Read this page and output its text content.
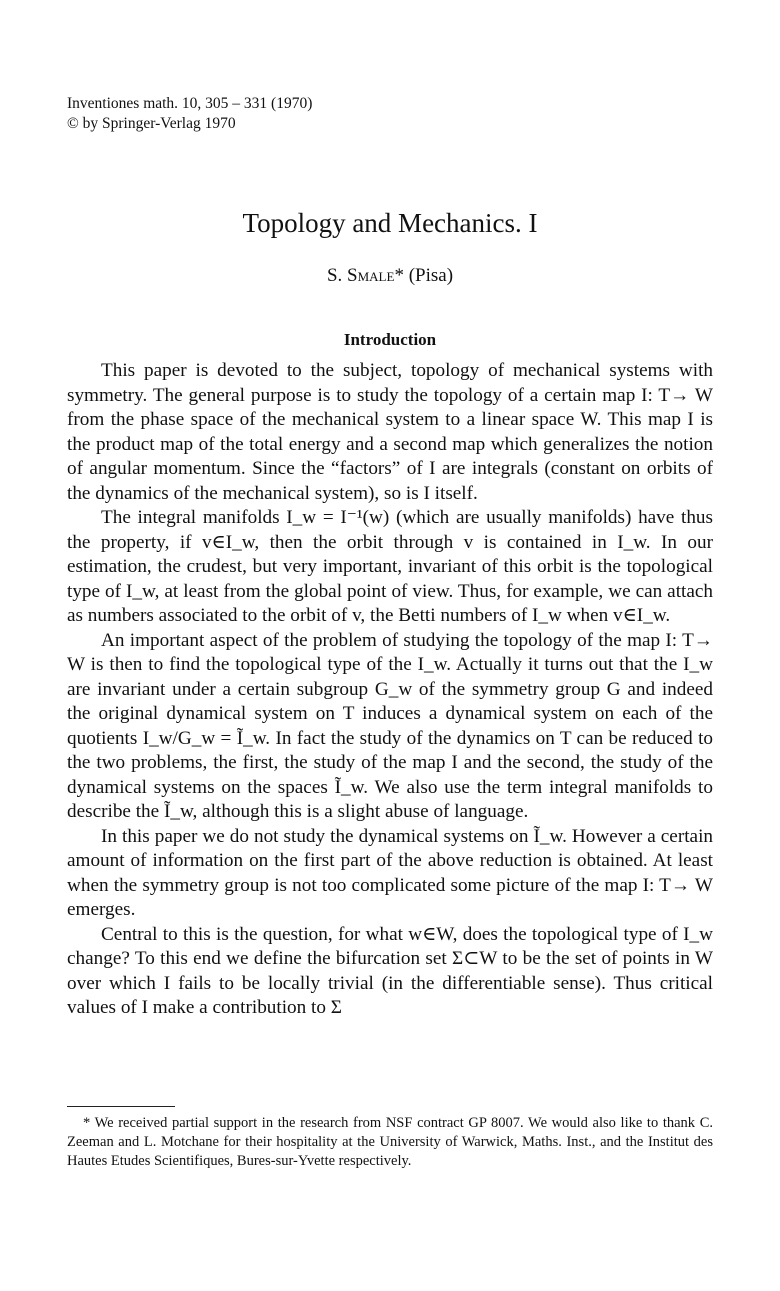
Inventiones math. 10, 305 – 331 (1970)
© by Springer-Verlag 1970
Topology and Mechanics. I
S. Smale* (Pisa)
Introduction

This paper is devoted to the subject, topology of mechanical systems with symmetry. The general purpose is to study the topology of a certain map I: T→ W from the phase space of the mechanical system to a linear space W. This map I is the product map of the total energy and a second map which generalizes the notion of angular momentum. Since the “factors” of I are integrals (constant on orbits of the dynamics of the mechanical system), so is I itself.

The integral manifolds I_w = I⁻¹(w) (which are usually manifolds) have thus the property, if v∈I_w, then the orbit through v is contained in I_w. In our estimation, the crudest, but very important, invariant of this orbit is the topological type of I_w, at least from the global point of view. Thus, for example, we can attach as numbers associated to the orbit of v, the Betti numbers of I_w when v∈I_w.

An important aspect of the problem of studying the topology of the map I: T→ W is then to find the topological type of the I_w. Actually it turns out that the I_w are invariant under a certain subgroup G_w of the symmetry group G and indeed the original dynamical system on T induces a dynamical system on each of the quotients I_w/G_w = Ĩ_w. In fact the study of the dynamics on T can be reduced to the two problems, the first, the study of the map I and the second, the study of the dynamical systems on the spaces Ĩ_w. We also use the term integral manifolds to describe the Ĩ_w, although this is a slight abuse of language.

In this paper we do not study the dynamical systems on Ĩ_w. However a certain amount of information on the first part of the above reduction is obtained. At least when the symmetry group is not too complicated some picture of the map I: T→ W emerges.

Central to this is the question, for what w∈W, does the topological type of I_w change? To this end we define the bifurcation set Σ⊂W to be the set of points in W over which I fails to be locally trivial (in the differentiable sense). Thus critical values of I make a contribution to Σ

* We received partial support in the research from NSF contract GP 8007. We would also like to thank C. Zeeman and L. Motchane for their hospitality at the University of Warwick, Maths. Inst., and the Institut des Hautes Etudes Scientifiques, Bures-sur-Yvette respectively.
